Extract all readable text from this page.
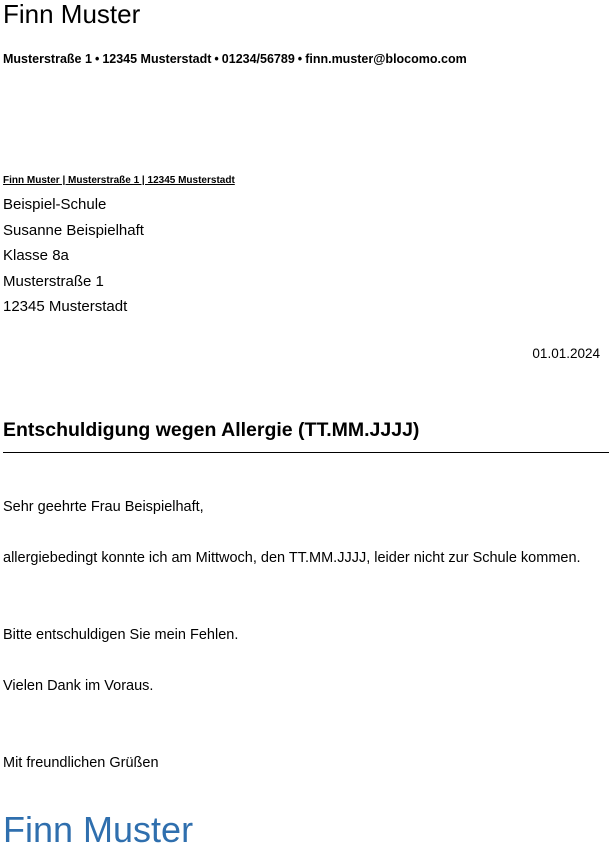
Finn Muster
Musterstraße 1 • 12345 Musterstadt • 01234/56789 • finn.muster@blocomo.com
Finn Muster | Musterstraße 1 | 12345 Musterstadt
Beispiel-Schule
Susanne Beispielhaft
Klasse 8a
Musterstraße 1
12345 Musterstadt
01.01.2024
Entschuldigung wegen Allergie (TT.MM.JJJJ)
Sehr geehrte Frau Beispielhaft,
allergiebedingt konnte ich am Mittwoch, den TT.MM.JJJJ, leider nicht zur Schule kommen.
Bitte entschuldigen Sie mein Fehlen.
Vielen Dank im Voraus.
Mit freundlichen Grüßen
Finn Muster
